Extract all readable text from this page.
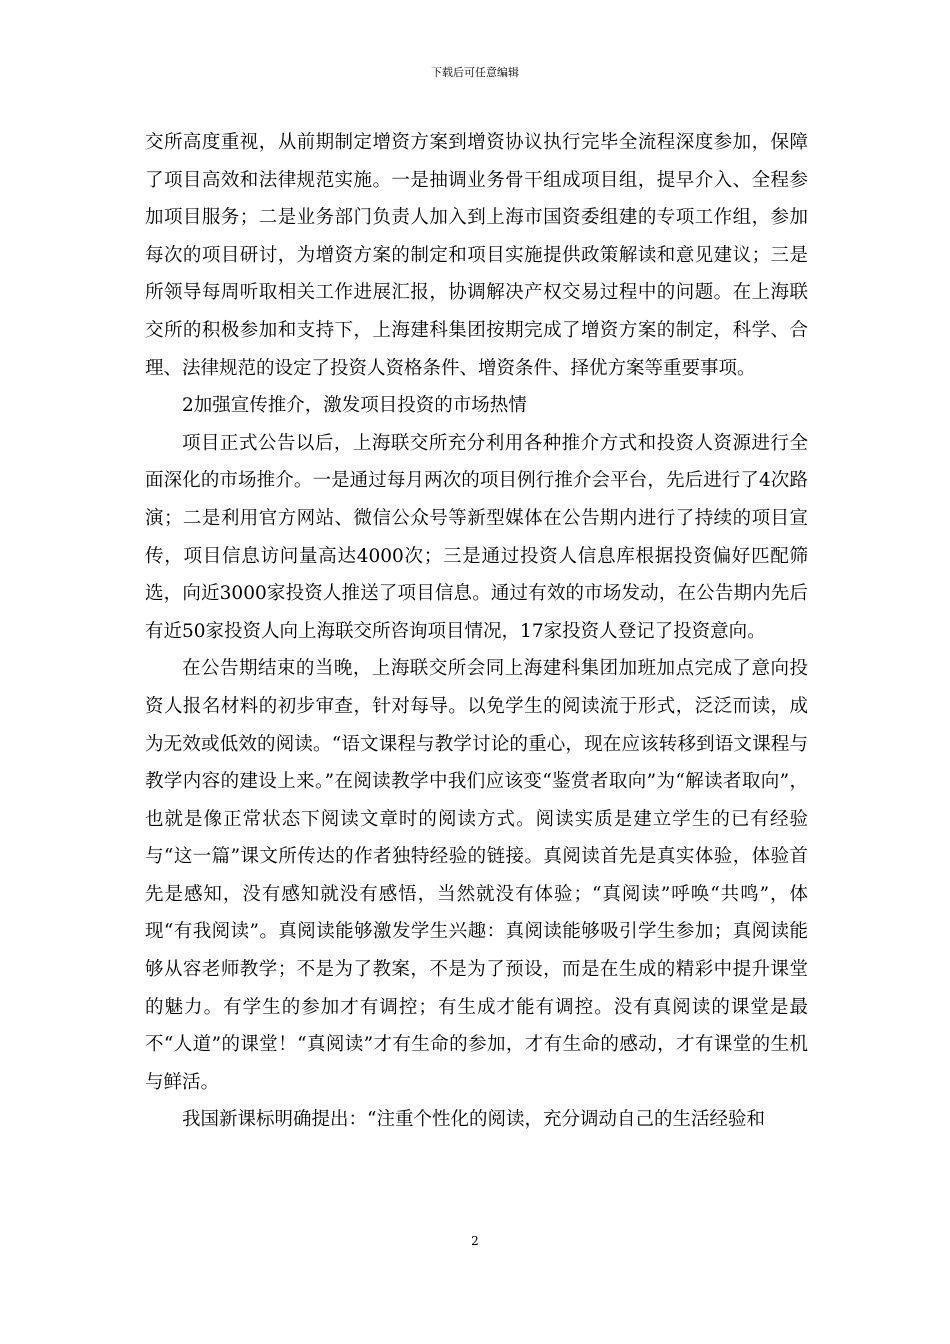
下载后可任意编辑

交所高度重视，从前期制定增资方案到增资协议执行完毕全流程深度参加，保障了项目高效和法律规范实施。一是抽调业务骨干组成项目组，提早介入、全程参加项目服务；二是业务部门负责人加入到上海市国资委组建的专项工作组，参加每次的项目研讨，为增资方案的制定和项目实施提供政策解读和意见建议；三是所领导每周听取相关工作进展汇报，协调解决产权交易过程中的问题。在上海联交所的积极参加和支持下，上海建科集团按期完成了增资方案的制定，科学、合理、法律规范的设定了投资人资格条件、增资条件、择优方案等重要事项。

2加强宣传推介，激发项目投资的市场热情

项目正式公告以后，上海联交所充分利用各种推介方式和投资人资源进行全面深化的市场推介。一是通过每月两次的项目例行推介会平台，先后进行了4次路演；二是利用官方网站、微信公众号等新型媒体在公告期内进行了持续的项目宣传，项目信息访问量高达4000次；三是通过投资人信息库根据投资偏好匹配筛选，向近3000家投资人推送了项目信息。通过有效的市场发动，在公告期内先后有近50家投资人向上海联交所咨询项目情况，17家投资人登记了投资意向。

在公告期结束的当晚，上海联交所会同上海建科集团加班加点完成了意向投资人报名材料的初步审查，针对每导。以免学生的阅读流于形式，泛泛而读，成为无效或低效的阅读。“语文课程与教学讨论的重心，现在应该转移到语文课程与教学内容的建设上来。”在阅读教学中我们应该变“鉴赏者取向”为“解读者取向”，也就是像正常状态下阅读文章时的阅读方式。阅读实质是建立学生的已有经验与“这一篇”课文所传达的作者独特经验的链接。真阅读首先是真实体验，体验首先是感知，没有感知就没有感悟，当然就没有体验；“真阅读”呼唤“共鸣”，体现“有我阅读”。真阅读能够激发学生兴趣：真阅读能够吸引学生参加；真阅读能够从容老师教学；不是为了教案，不是为了预设，而是在生成的精彩中提升课堂的魅力。有学生的参加才有调控；有生成才能有调控。没有真阅读的课堂是最不“人道”的课堂！“真阅读”才有生命的参加，才有生命的感动，才有课堂的生机与鲜活。

我国新课标明确提出：“注重个性化的阅读，充分调动自己的生活经验和

2
